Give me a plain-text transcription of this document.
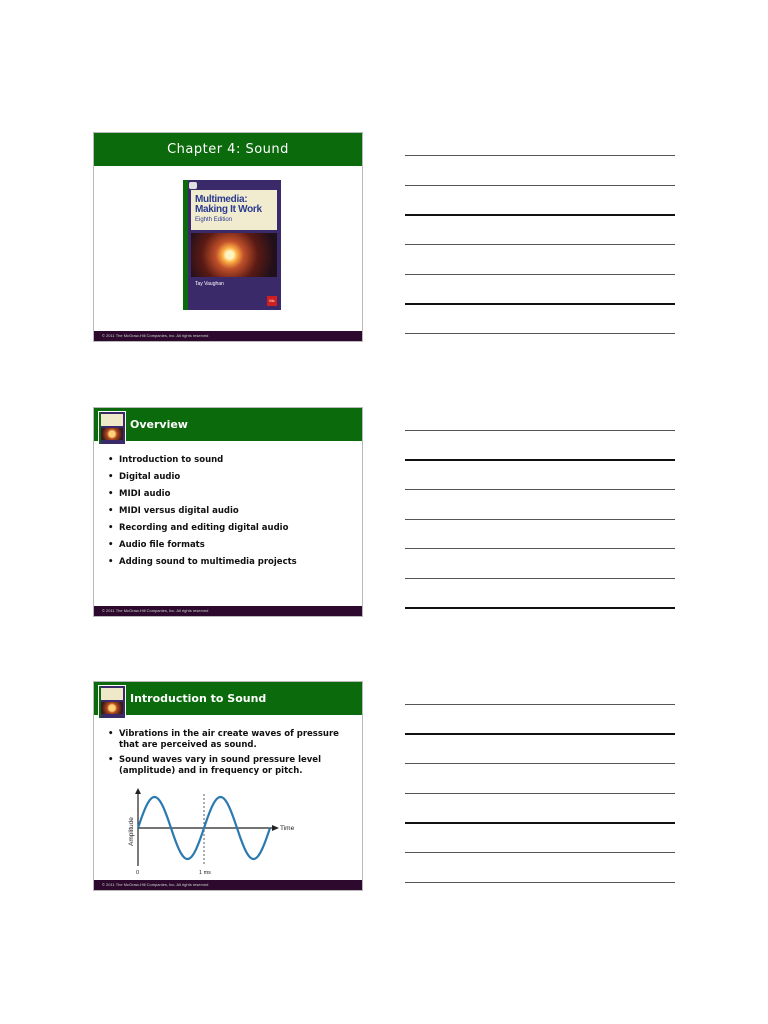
Chapter 4: Sound
Multimedia:
Making It Work
Eighth Edition
Tay Vaughan
Mc
© 2011 The McGraw-Hill Companies, Inc. All rights reserved
Overview
• Introduction to sound
• Digital audio
• MIDI audio
• MIDI versus digital audio
• Recording and editing digital audio
• Audio file formats
• Adding sound to multimedia projects
© 2011 The McGraw-Hill Companies, Inc. All rights reserved
Introduction to Sound
• Vibrations in the air create waves of pressure that are perceived as sound.
• Sound waves vary in sound pressure level (amplitude) and in frequency or pitch.
Amplitude	Time
0	1 ms
© 2011 The McGraw-Hill Companies, Inc. All rights reserved
